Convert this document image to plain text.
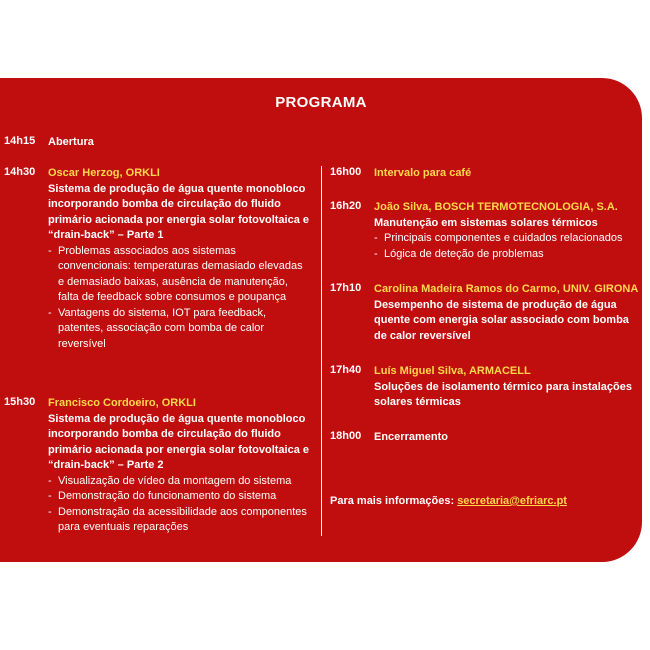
PROGRAMA
14h15 Abertura
14h30 Oscar Herzog, ORKLI

Sistema de produção de água quente monobloco incorporando bomba de circulação do fluido primário acionada por energia solar fotovoltaica e “drain-back” – Parte 1

- Problemas associados aos sistemas convencionais: temperaturas demasiado elevadas e demasiado baixas, ausência de manutenção, falta de feedback sobre consumos e poupança
- Vantagens do sistema, IOT para feedback, patentes, associação com bomba de calor reversível
15h30 Francisco Cordoeiro, ORKLI

Sistema de produção de água quente monobloco incorporando bomba de circulação do fluido primário acionada por energia solar fotovoltaica e “drain-back” – Parte 2

- Visualização de vídeo da montagem do sistema
- Demonstração do funcionamento do sistema
- Demonstração da acessibilidade aos componentes para eventuais reparações
16h00 Intervalo para café
16h20 João Silva, BOSCH TERMOTECNOLOGIA, S.A.

Manutenção em sistemas solares térmicos

- Principais componentes e cuidados relacionados
- Lógica de deteção de problemas
17h10 Carolina Madeira Ramos do Carmo, UNIV. GIRONA

Desempenho de sistema de produção de água quente com energia solar associado com bomba de calor reversível

17h40 Luís Miguel Silva, ARMACELL

Soluções de isolamento térmico para instalações solares térmicas

18h00 Encerramento
Para mais informações: secretaria@efriarc.pt
